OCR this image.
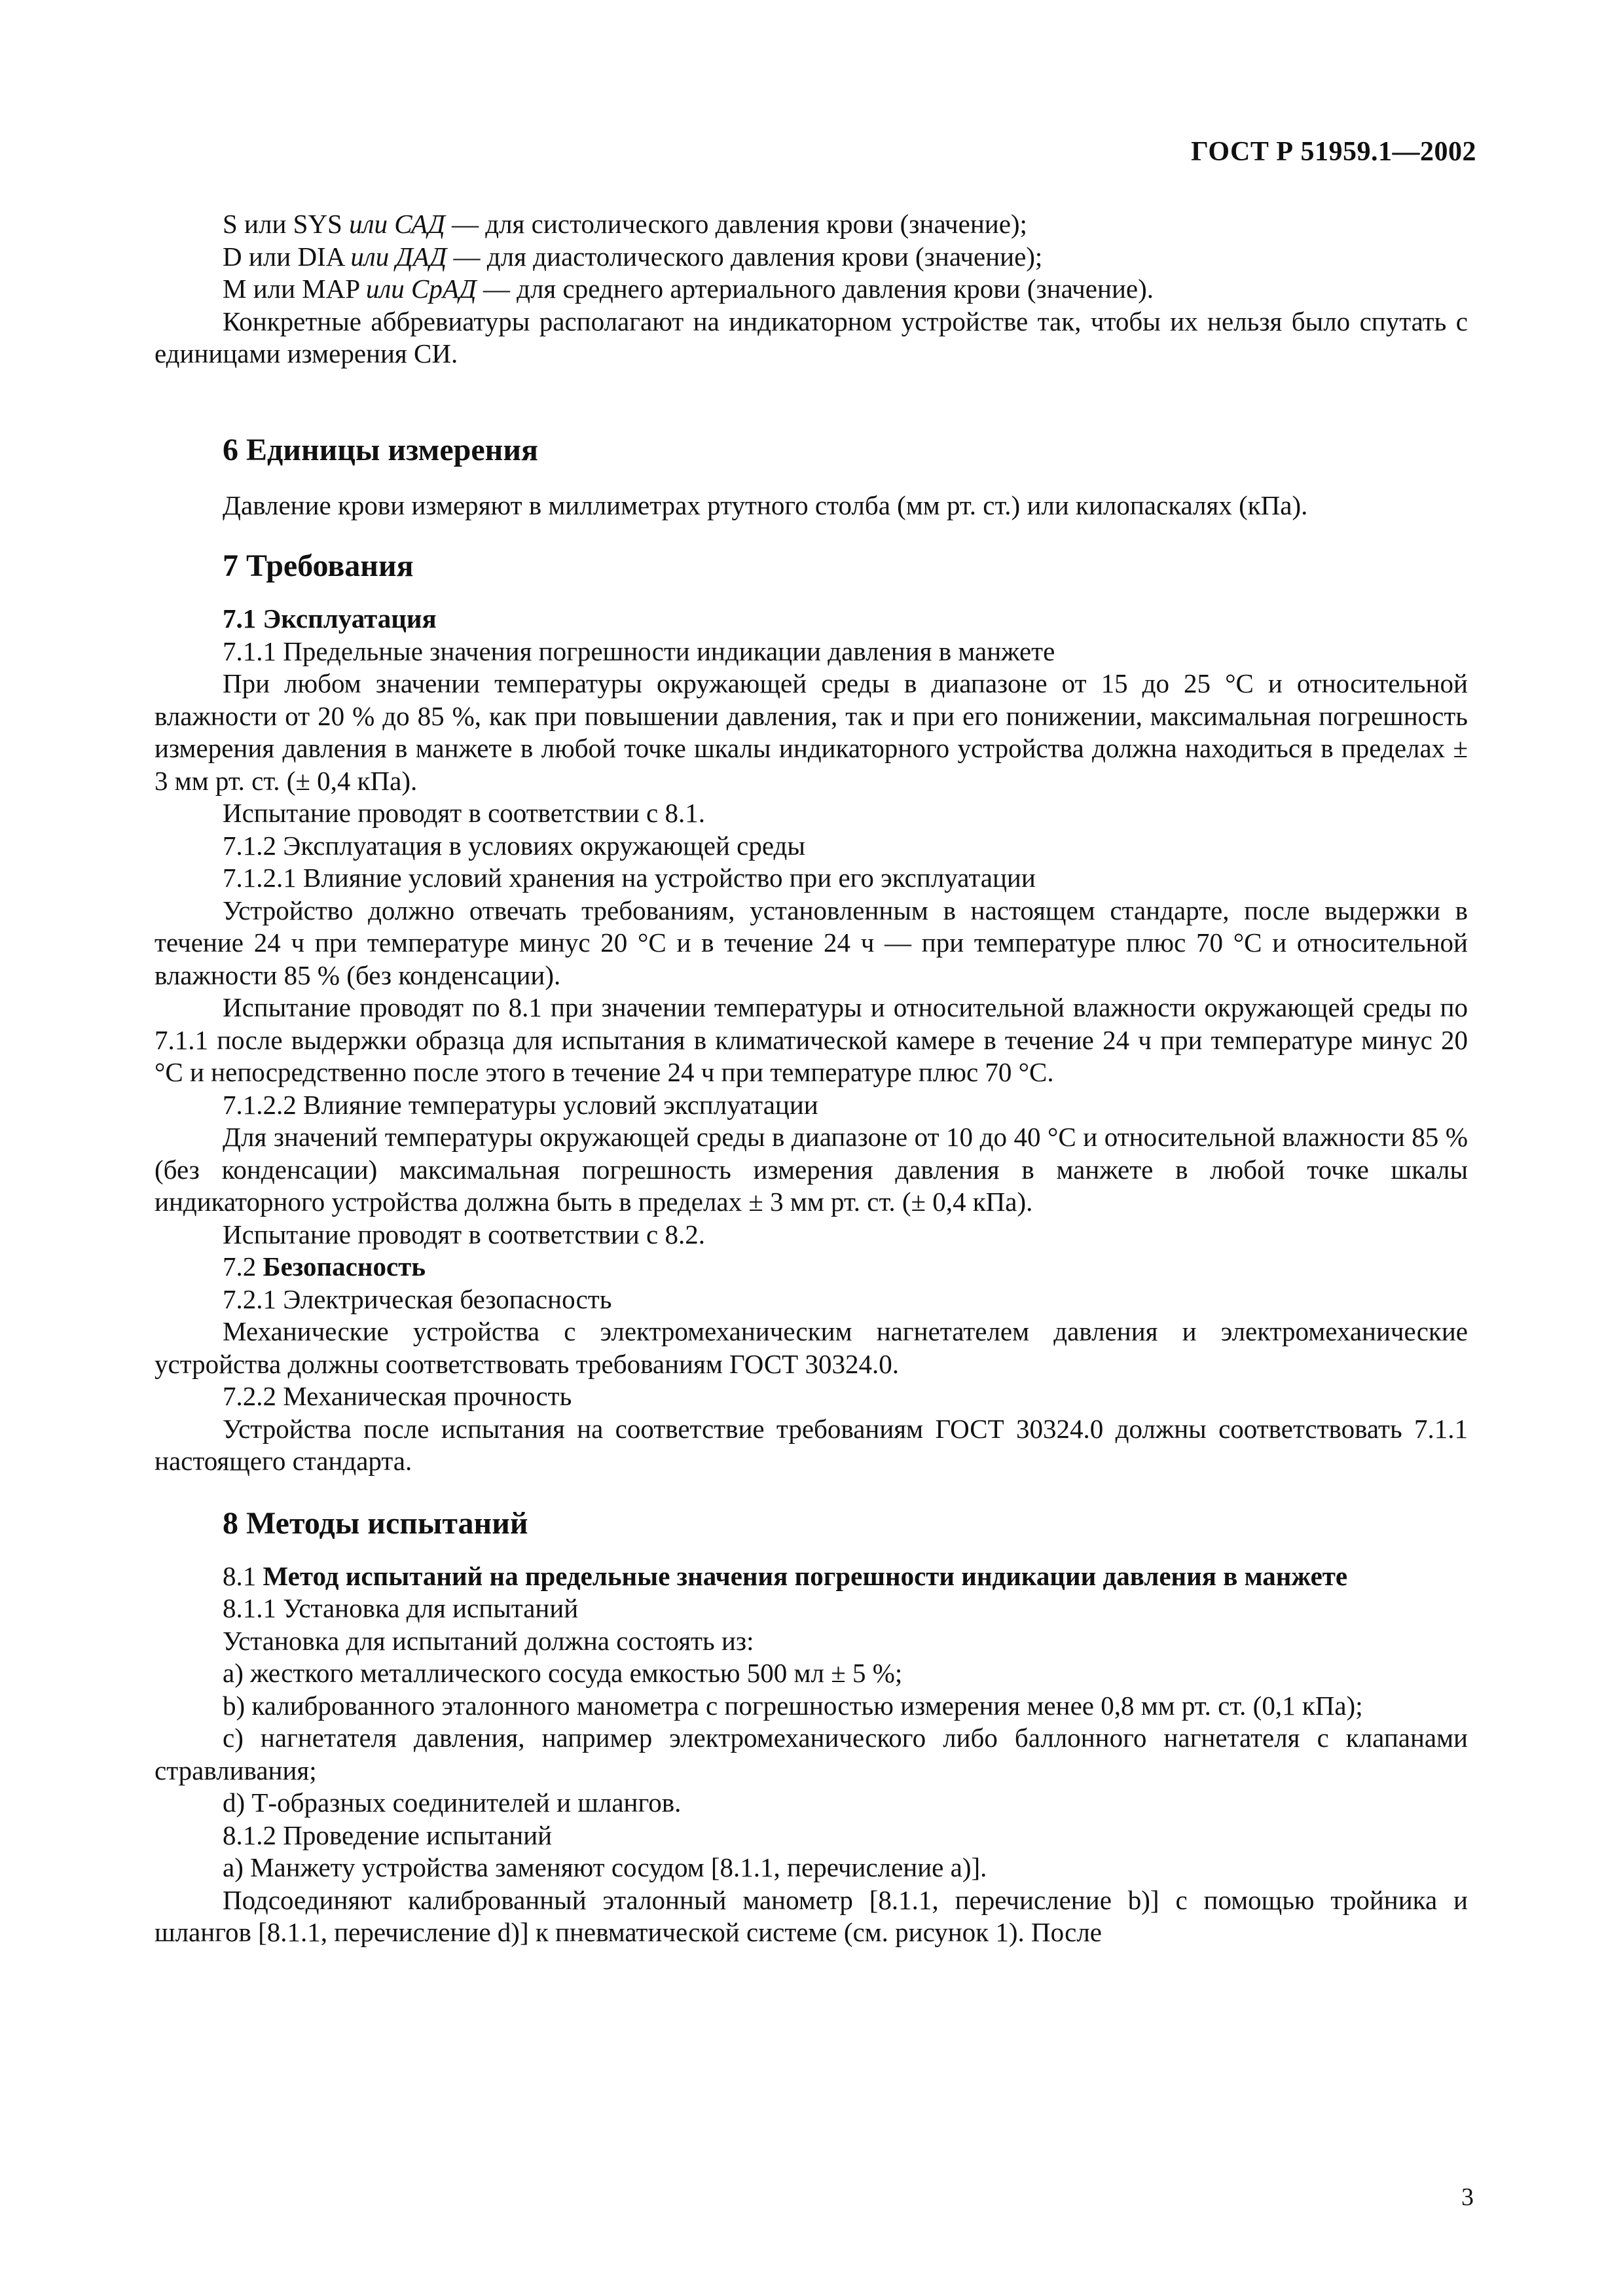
ГОСТ Р 51959.1—2002

S или SYS или САД — для систолического давления крови (значение);

D или DIA или ДАД — для диастолического давления крови (значение);

M или MAP или СрАД — для среднего артериального давления крови (значение).

Конкретные аббревиатуры располагают на индикаторном устройстве так, чтобы их нельзя было спутать с единицами измерения СИ.

6 Единицы измерения

Давление крови измеряют в миллиметрах ртутного столба (мм рт. ст.) или килопаскалях (кПа).

7 Требования

7.1 Эксплуатация

7.1.1 Предельные значения погрешности индикации давления в манжете

При любом значении температуры окружающей среды в диапазоне от 15 до 25 °С и относительной влажности от 20 % до 85 %, как при повышении давления, так и при его понижении, максимальная погрешность измерения давления в манжете в любой точке шкалы индикаторного устройства должна находиться в пределах ± 3 мм рт. ст. (± 0,4 кПа).

Испытание проводят в соответствии с 8.1.

7.1.2 Эксплуатация в условиях окружающей среды

7.1.2.1 Влияние условий хранения на устройство при его эксплуатации

Устройство должно отвечать требованиям, установленным в настоящем стандарте, после выдержки в течение 24 ч при температуре минус 20 °С и в течение 24 ч — при температуре плюс 70 °С и относительной влажности 85 % (без конденсации).

Испытание проводят по 8.1 при значении температуры и относительной влажности окружающей среды по 7.1.1 после выдержки образца для испытания в климатической камере в течение 24 ч при температуре минус 20 °С и непосредственно после этого в течение 24 ч при температуре плюс 70 °С.

7.1.2.2 Влияние температуры условий эксплуатации

Для значений температуры окружающей среды в диапазоне от 10 до 40 °С и относительной влажности 85 % (без конденсации) максимальная погрешность измерения давления в манжете в любой точке шкалы индикаторного устройства должна быть в пределах ± 3 мм рт. ст. (± 0,4 кПа).

Испытание проводят в соответствии с 8.2.

7.2 Безопасность

7.2.1 Электрическая безопасность

Механические устройства с электромеханическим нагнетателем давления и электромеханические устройства должны соответствовать требованиям ГОСТ 30324.0.

7.2.2 Механическая прочность

Устройства после испытания на соответствие требованиям ГОСТ 30324.0 должны соответствовать 7.1.1 настоящего стандарта.

8 Методы испытаний

8.1 Метод испытаний на предельные значения погрешности индикации давления в манжете

8.1.1 Установка для испытаний

Установка для испытаний должна состоять из:

a) жесткого металлического сосуда емкостью 500 мл ± 5 %;

b) калиброванного эталонного манометра с погрешностью измерения менее 0,8 мм рт. ст. (0,1 кПа);

c) нагнетателя давления, например электромеханического либо баллонного нагнетателя с клапанами стравливания;

d) Т-образных соединителей и шлангов.

8.1.2 Проведение испытаний

a) Манжету устройства заменяют сосудом [8.1.1, перечисление a)].

Подсоединяют калиброванный эталонный манометр [8.1.1, перечисление b)] с помощью тройника и шлангов [8.1.1, перечисление d)] к пневматической системе (см. рисунок 1). После

3
